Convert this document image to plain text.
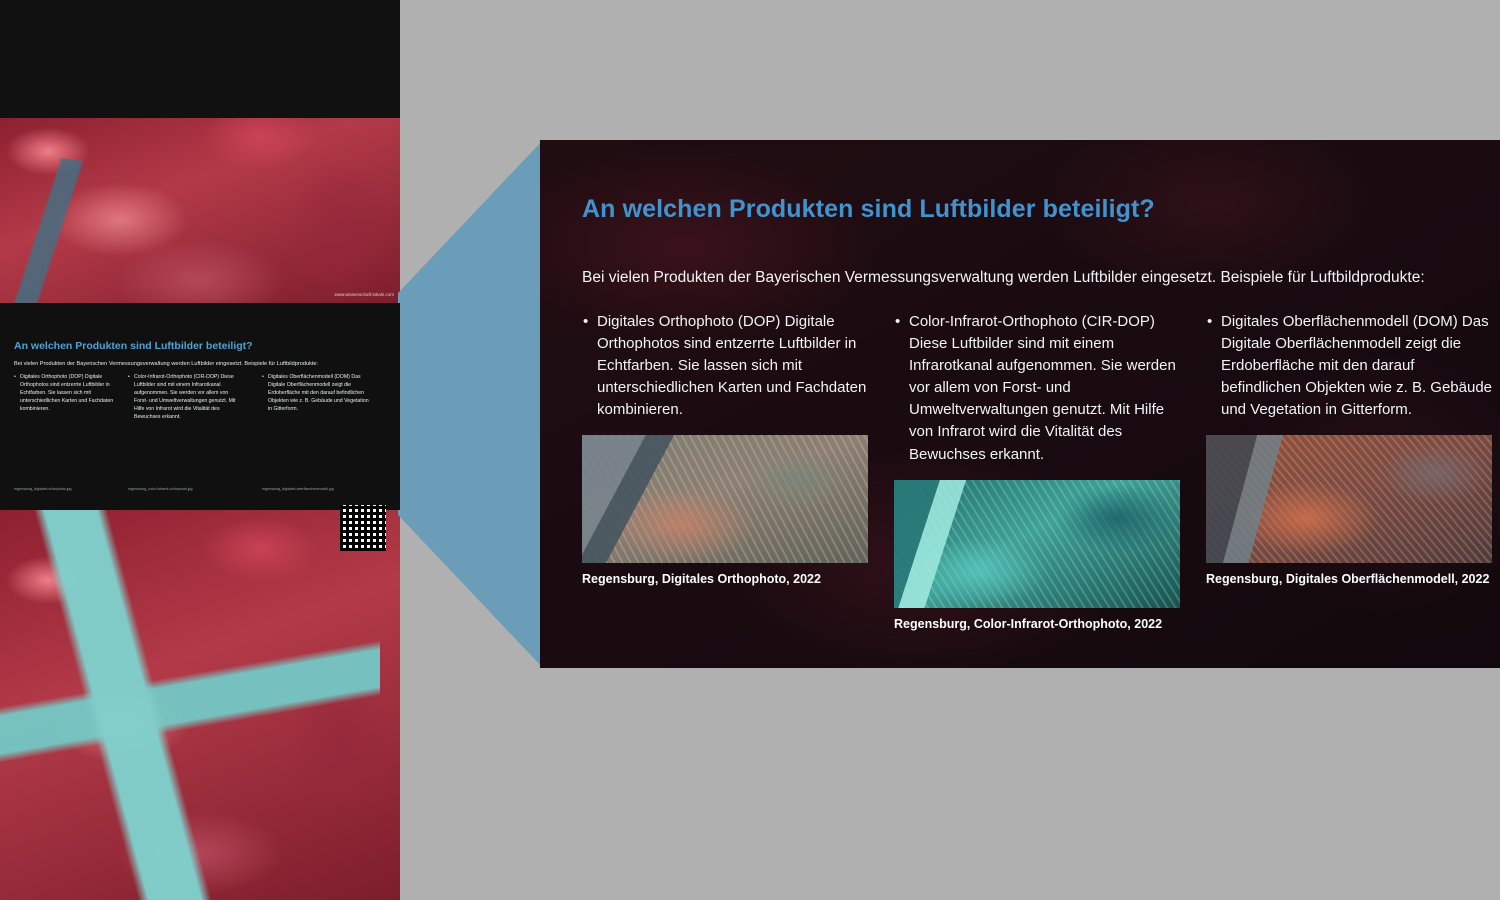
www.wissenschaft-lokale.com
An welchen Produkten sind Luftbilder beteiligt?
Bei vielen Produkten der Bayerischen Vermessungsverwaltung werden Luftbilder eingesetzt. Beispiele für Luftbildprodukte:
• Digitales Orthophoto (DOP) Digitale Orthophotos sind entzerrte Luftbilder in Echtfarben. Sie lassen sich mit unterschiedlichen Karten und Fachdaten kombinieren.
• Color-Infrarot-Orthophoto (CIR-DOP) Diese Luftbilder sind mit einem Infrarotkanal aufgenommen. Sie werden vor allem von Forst- und Umweltverwaltungen genutzt. Mit Hilfe von Infrarot wird die Vitalität des Bewuchses erkannt.
• Digitales Oberflächenmodell (DOM) Das Digitale Oberflächenmodell zeigt die Erdoberfläche mit den darauf befindlichen Objekten wie z. B. Gebäude und Vegetation in Gitterform.
regensburg_digitales-orthophoto.jpg	regensburg_color-infrarot-orthophoto.jpg	regensburg_digitales-oberflaechenmodell.jpg
An welchen Produkten sind Luftbilder beteiligt?
Bei vielen Produkten der Bayerischen Vermessungsverwaltung werden Luftbilder eingesetzt. Beispiele für Luftbildprodukte:
• Digitales Orthophoto (DOP) Digitale Orthophotos sind entzerrte Luftbilder in Echtfarben. Sie lassen sich mit unterschiedlichen Karten und Fachdaten kombinieren.
Regensburg, Digitales Orthophoto, 2022
• Color-Infrarot-Orthophoto (CIR-DOP) Diese Luftbilder sind mit einem Infrarotkanal aufgenommen. Sie werden vor allem von Forst- und Umweltverwaltungen genutzt. Mit Hilfe von Infrarot wird die Vitalität des Bewuchses erkannt.
Regensburg, Color-Infrarot-Orthophoto, 2022
• Digitales Oberflächenmodell (DOM) Das Digitale Oberflächenmodell zeigt die Erdoberfläche mit den darauf befindlichen Objekten wie z. B. Gebäude und Vegetation in Gitterform.
Regensburg, Digitales Oberflächenmodell, 2022
